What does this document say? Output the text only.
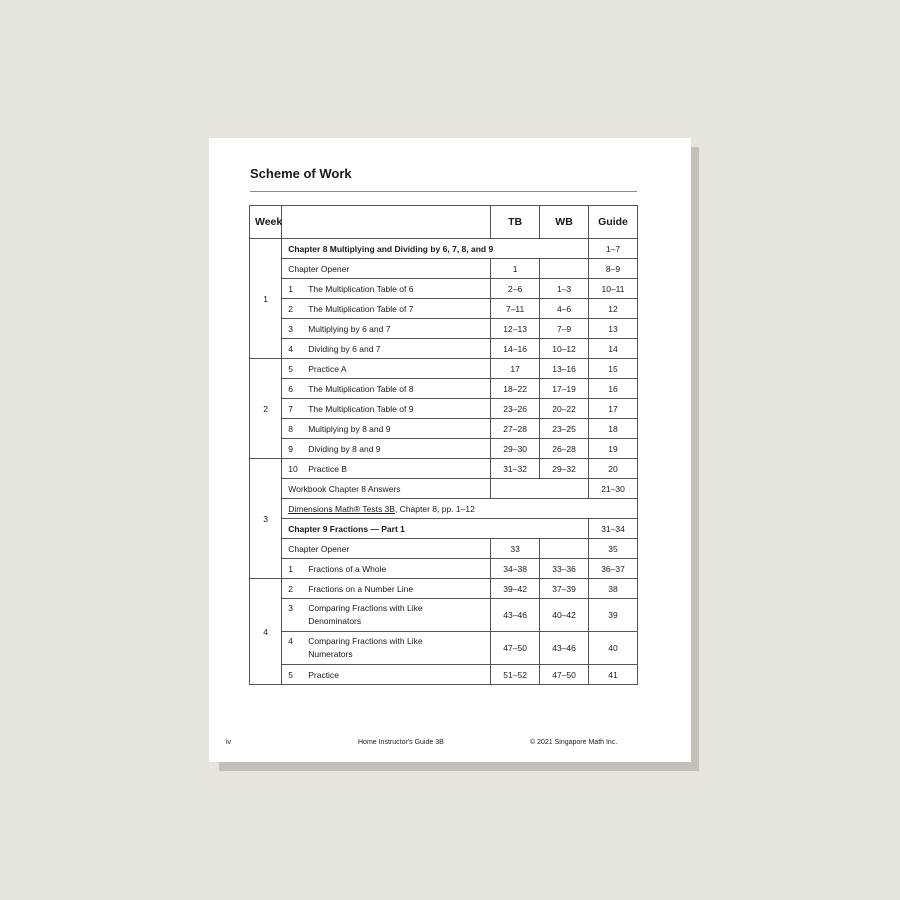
Scheme of Work
Week		TB	WB	Guide
1	Chapter 8 Multiplying and Dividing by 6, 7, 8, and 9			1–7
	Chapter Opener	1		8–9
	1 The Multiplication Table of 6	2–6	1–3	10–11
	2 The Multiplication Table of 7	7–11	4–6	12
	3 Multiplying by 6 and 7	12–13	7–9	13
	4 Dividing by 6 and 7	14–16	10–12	14
2	5 Practice A	17	13–16	15
	6 The Multiplication Table of 8	18–22	17–19	16
	7 The Multiplication Table of 9	23–26	20–22	17
	8 Multiplying by 8 and 9	27–28	23–25	18
	9 Dividing by 8 and 9	29–30	26–28	19
3	10 Practice B	31–32	29–32	20
	Workbook Chapter 8 Answers			21–30
	Dimensions Math® Tests 3B, Chapter 8, pp. 1–12			
	Chapter 9 Fractions — Part 1			31–34
	Chapter Opener	33		35
	1 Fractions of a Whole	34–38	33–36	36–37
4	2 Fractions on a Number Line	39–42	37–39	38
	3 Comparing Fractions with Like Denominators	43–46	40–42	39
	4 Comparing Fractions with Like Numerators	47–50	43–46	40
	5 Practice	51–52	47–50	41
iv	Home Instructor's Guide 3B	© 2021 Singapore Math Inc.
